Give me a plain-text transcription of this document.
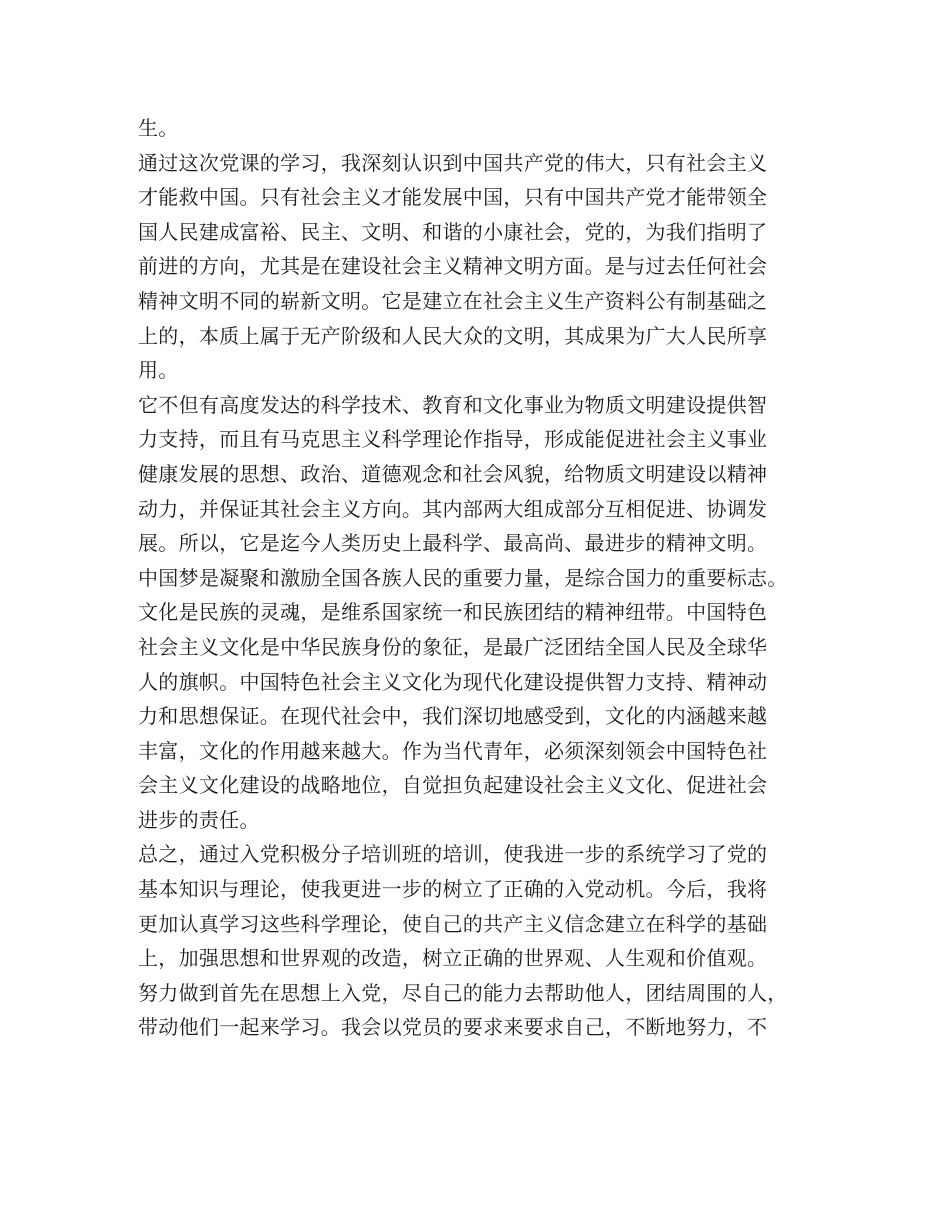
生。
通过这次党课的学习，我深刻认识到中国共产党的伟大，只有社会主义
才能救中国。只有社会主义才能发展中国，只有中国共产党才能带领全
国人民建成富裕、民主、文明、和谐的小康社会，党的，为我们指明了
前进的方向，尤其是在建设社会主义精神文明方面。是与过去任何社会
精神文明不同的崭新文明。它是建立在社会主义生产资料公有制基础之
上的，本质上属于无产阶级和人民大众的文明，其成果为广大人民所享
用。
它不但有高度发达的科学技术、教育和文化事业为物质文明建设提供智
力支持，而且有马克思主义科学理论作指导，形成能促进社会主义事业
健康发展的思想、政治、道德观念和社会风貌，给物质文明建设以精神
动力，并保证其社会主义方向。其内部两大组成部分互相促进、协调发
展。所以，它是迄今人类历史上最科学、最高尚、最进步的精神文明。
中国梦是凝聚和激励全国各族人民的重要力量，是综合国力的重要标志。
文化是民族的灵魂，是维系国家统一和民族团结的精神纽带。中国特色
社会主义文化是中华民族身份的象征，是最广泛团结全国人民及全球华
人的旗帜。中国特色社会主义文化为现代化建设提供智力支持、精神动
力和思想保证。在现代社会中，我们深切地感受到，文化的内涵越来越
丰富，文化的作用越来越大。作为当代青年，必须深刻领会中国特色社
会主义文化建设的战略地位，自觉担负起建设社会主义文化、促进社会
进步的责任。
总之，通过入党积极分子培训班的培训，使我进一步的系统学习了党的
基本知识与理论，使我更进一步的树立了正确的入党动机。今后，我将
更加认真学习这些科学理论，使自己的共产主义信念建立在科学的基础
上，加强思想和世界观的改造，树立正确的世界观、人生观和价值观。
努力做到首先在思想上入党，尽自己的能力去帮助他人，团结周围的人，
带动他们一起来学习。我会以党员的要求来要求自己，不断地努力，不
